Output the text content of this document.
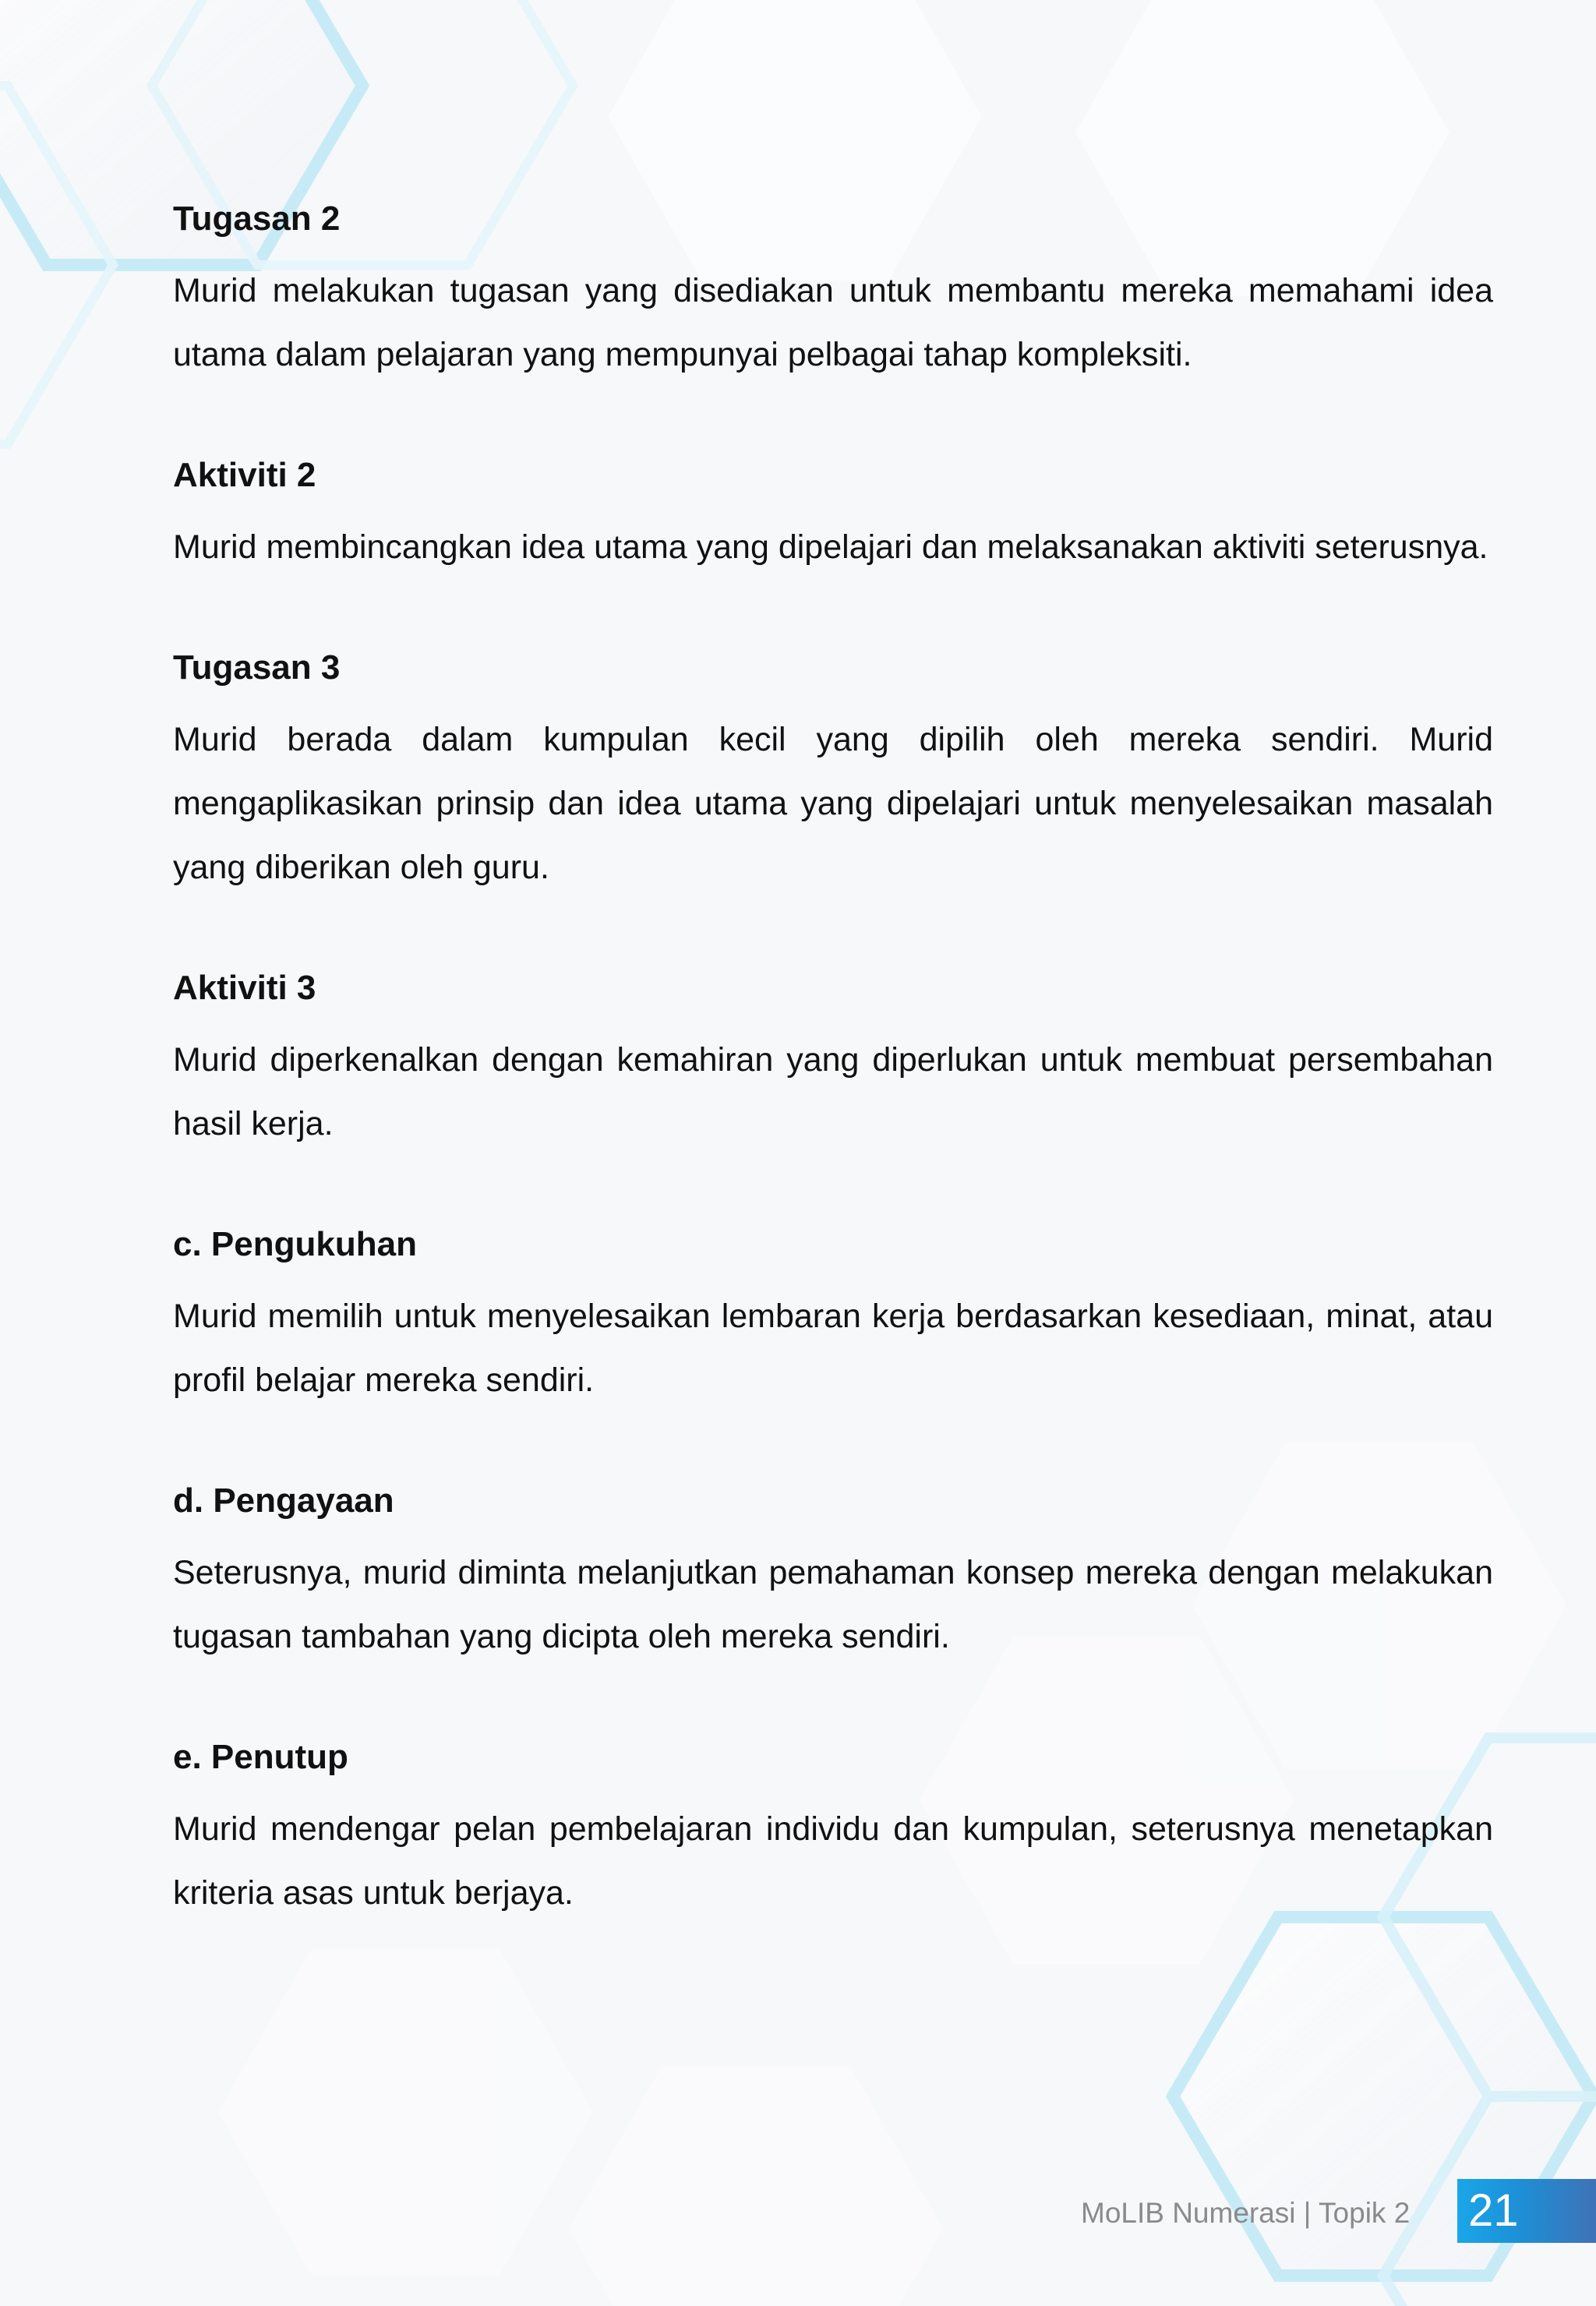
Tugasan 2

Murid melakukan tugasan yang disediakan untuk membantu mereka memahami idea utama dalam pelajaran yang mempunyai pelbagai tahap kompleksiti.

Aktiviti 2

Murid membincangkan idea utama yang dipelajari dan melaksanakan aktiviti seterusnya.

Tugasan 3

Murid berada dalam kumpulan kecil yang dipilih oleh mereka sendiri. Murid mengaplikasikan prinsip dan idea utama yang dipelajari untuk menyelesaikan masalah yang diberikan oleh guru.

Aktiviti 3

Murid diperkenalkan dengan kemahiran yang diperlukan untuk membuat persembahan hasil kerja.

c. Pengukuhan

Murid memilih untuk menyelesaikan lembaran kerja berdasarkan kesediaan, minat, atau profil belajar mereka sendiri.

d. Pengayaan

Seterusnya, murid diminta melanjutkan pemahaman konsep mereka dengan melakukan tugasan tambahan yang dicipta oleh mereka sendiri.

e. Penutup

Murid mendengar pelan pembelajaran individu dan kumpulan, seterusnya menetapkan kriteria asas untuk berjaya.

MoLIB Numerasi | Topik 2 21
